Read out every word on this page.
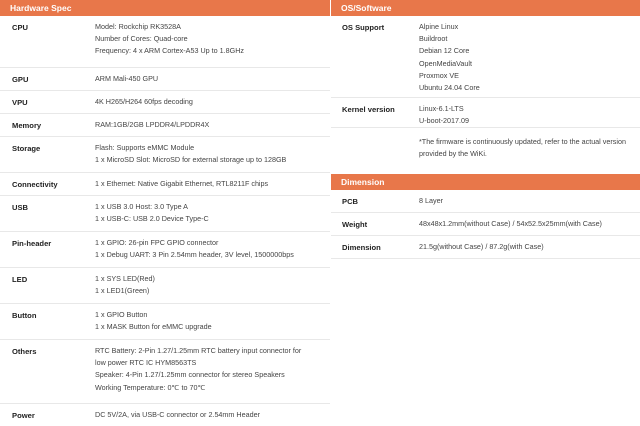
Hardware Spec
CPU	Model: Rockchip RK3528A
Number of Cores: Quad-core
Frequency: 4 x ARM Cortex-A53 Up to 1.8GHz
GPU	ARM Mali-450 GPU
VPU	4K H265/H264 60fps decoding
Memory	RAM:1GB/2GB LPDDR4/LPDDR4X
Storage	Flash: Supports eMMC Module
1 x MicroSD Slot: MicroSD for external storage up to 128GB
Connectivity	1 x Ethernet: Native Gigabit Ethernet, RTL8211F chips
USB	1 x USB 3.0 Host: 3.0 Type A
1 x USB-C: USB 2.0 Device Type-C
Pin-header	1 x GPIO: 26-pin FPC GPIO connector
1 x Debug UART: 3 Pin 2.54mm header, 3V level, 1500000bps
LED	1 x SYS LED(Red)
1 x LED1(Green)
Button	1 x GPIO Button
1 x MASK Button for eMMC upgrade
Others	RTC Battery: 2-Pin 1.27/1.25mm RTC battery input connector for
low power RTC IC HYM8563TS
Speaker: 4-Pin 1.27/1.25mm connector for stereo Speakers
Working Temperature: 0℃ to 70℃
Power	DC 5V/2A, via USB-C connector or 2.54mm Header
OS/Software
OS Support	Alpine Linux
Buildroot
Debian 12 Core
OpenMediaVault
Proxmox VE
Ubuntu 24.04 Core
Kernel version	Linux-6.1-LTS
U-boot-2017.09
*The firmware is continuously updated, refer to the actual version provided by the WiKi.
Dimension
PCB	8 Layer
Weight	48x48x1.2mm(without Case) / 54x52.5x25mm(with Case)
Dimension	21.5g(without Case) / 87.2g(with Case)
